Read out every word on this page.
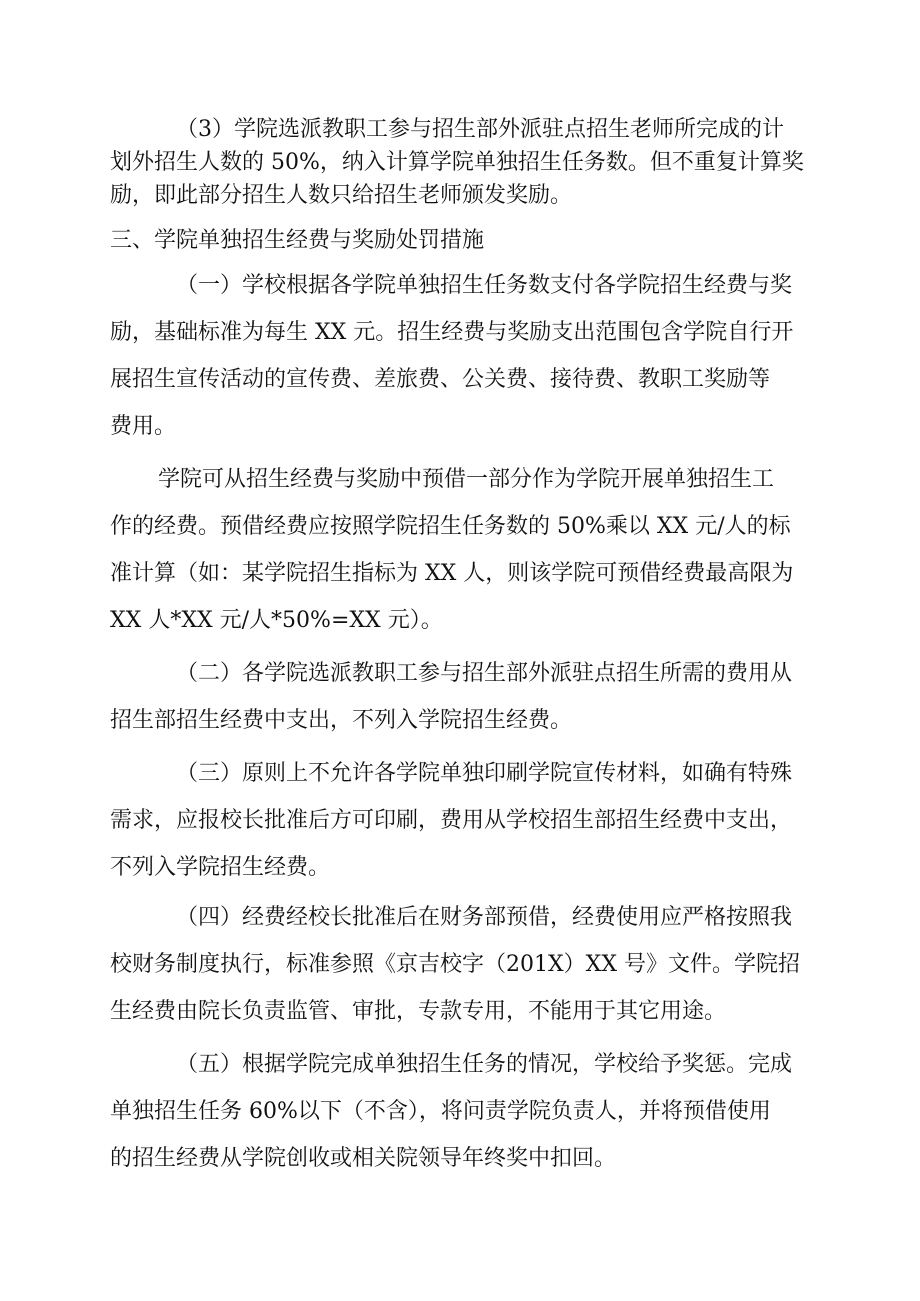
（3）学院选派教职工参与招生部外派驻点招生老师所完成的计
划外招生人数的 50%，纳入计算学院单独招生任务数。但不重复计算奖
励，即此部分招生人数只给招生老师颁发奖励。
三、学院单独招生经费与奖励处罚措施
（一）学校根据各学院单独招生任务数支付各学院招生经费与奖
励，基础标准为每生 XX 元。招生经费与奖励支出范围包含学院自行开
展招生宣传活动的宣传费、差旅费、公关费、接待费、教职工奖励等
费用。
学院可从招生经费与奖励中预借一部分作为学院开展单独招生工
作的经费。预借经费应按照学院招生任务数的 50%乘以 XX 元/人的标
准计算（如：某学院招生指标为 XX 人，则该学院可预借经费最高限为
XX 人*XX 元/人*50%=XX 元）。
（二）各学院选派教职工参与招生部外派驻点招生所需的费用从
招生部招生经费中支出，不列入学院招生经费。
（三）原则上不允许各学院单独印刷学院宣传材料，如确有特殊
需求，应报校长批准后方可印刷，费用从学校招生部招生经费中支出，
不列入学院招生经费。
（四）经费经校长批准后在财务部预借，经费使用应严格按照我
校财务制度执行，标准参照《京吉校字（201X）XX 号》文件。学院招
生经费由院长负责监管、审批，专款专用，不能用于其它用途。
（五）根据学院完成单独招生任务的情况，学校给予奖惩。完成
单独招生任务 60%以下（不含），将问责学院负责人，并将预借使用
的招生经费从学院创收或相关院领导年终奖中扣回。
